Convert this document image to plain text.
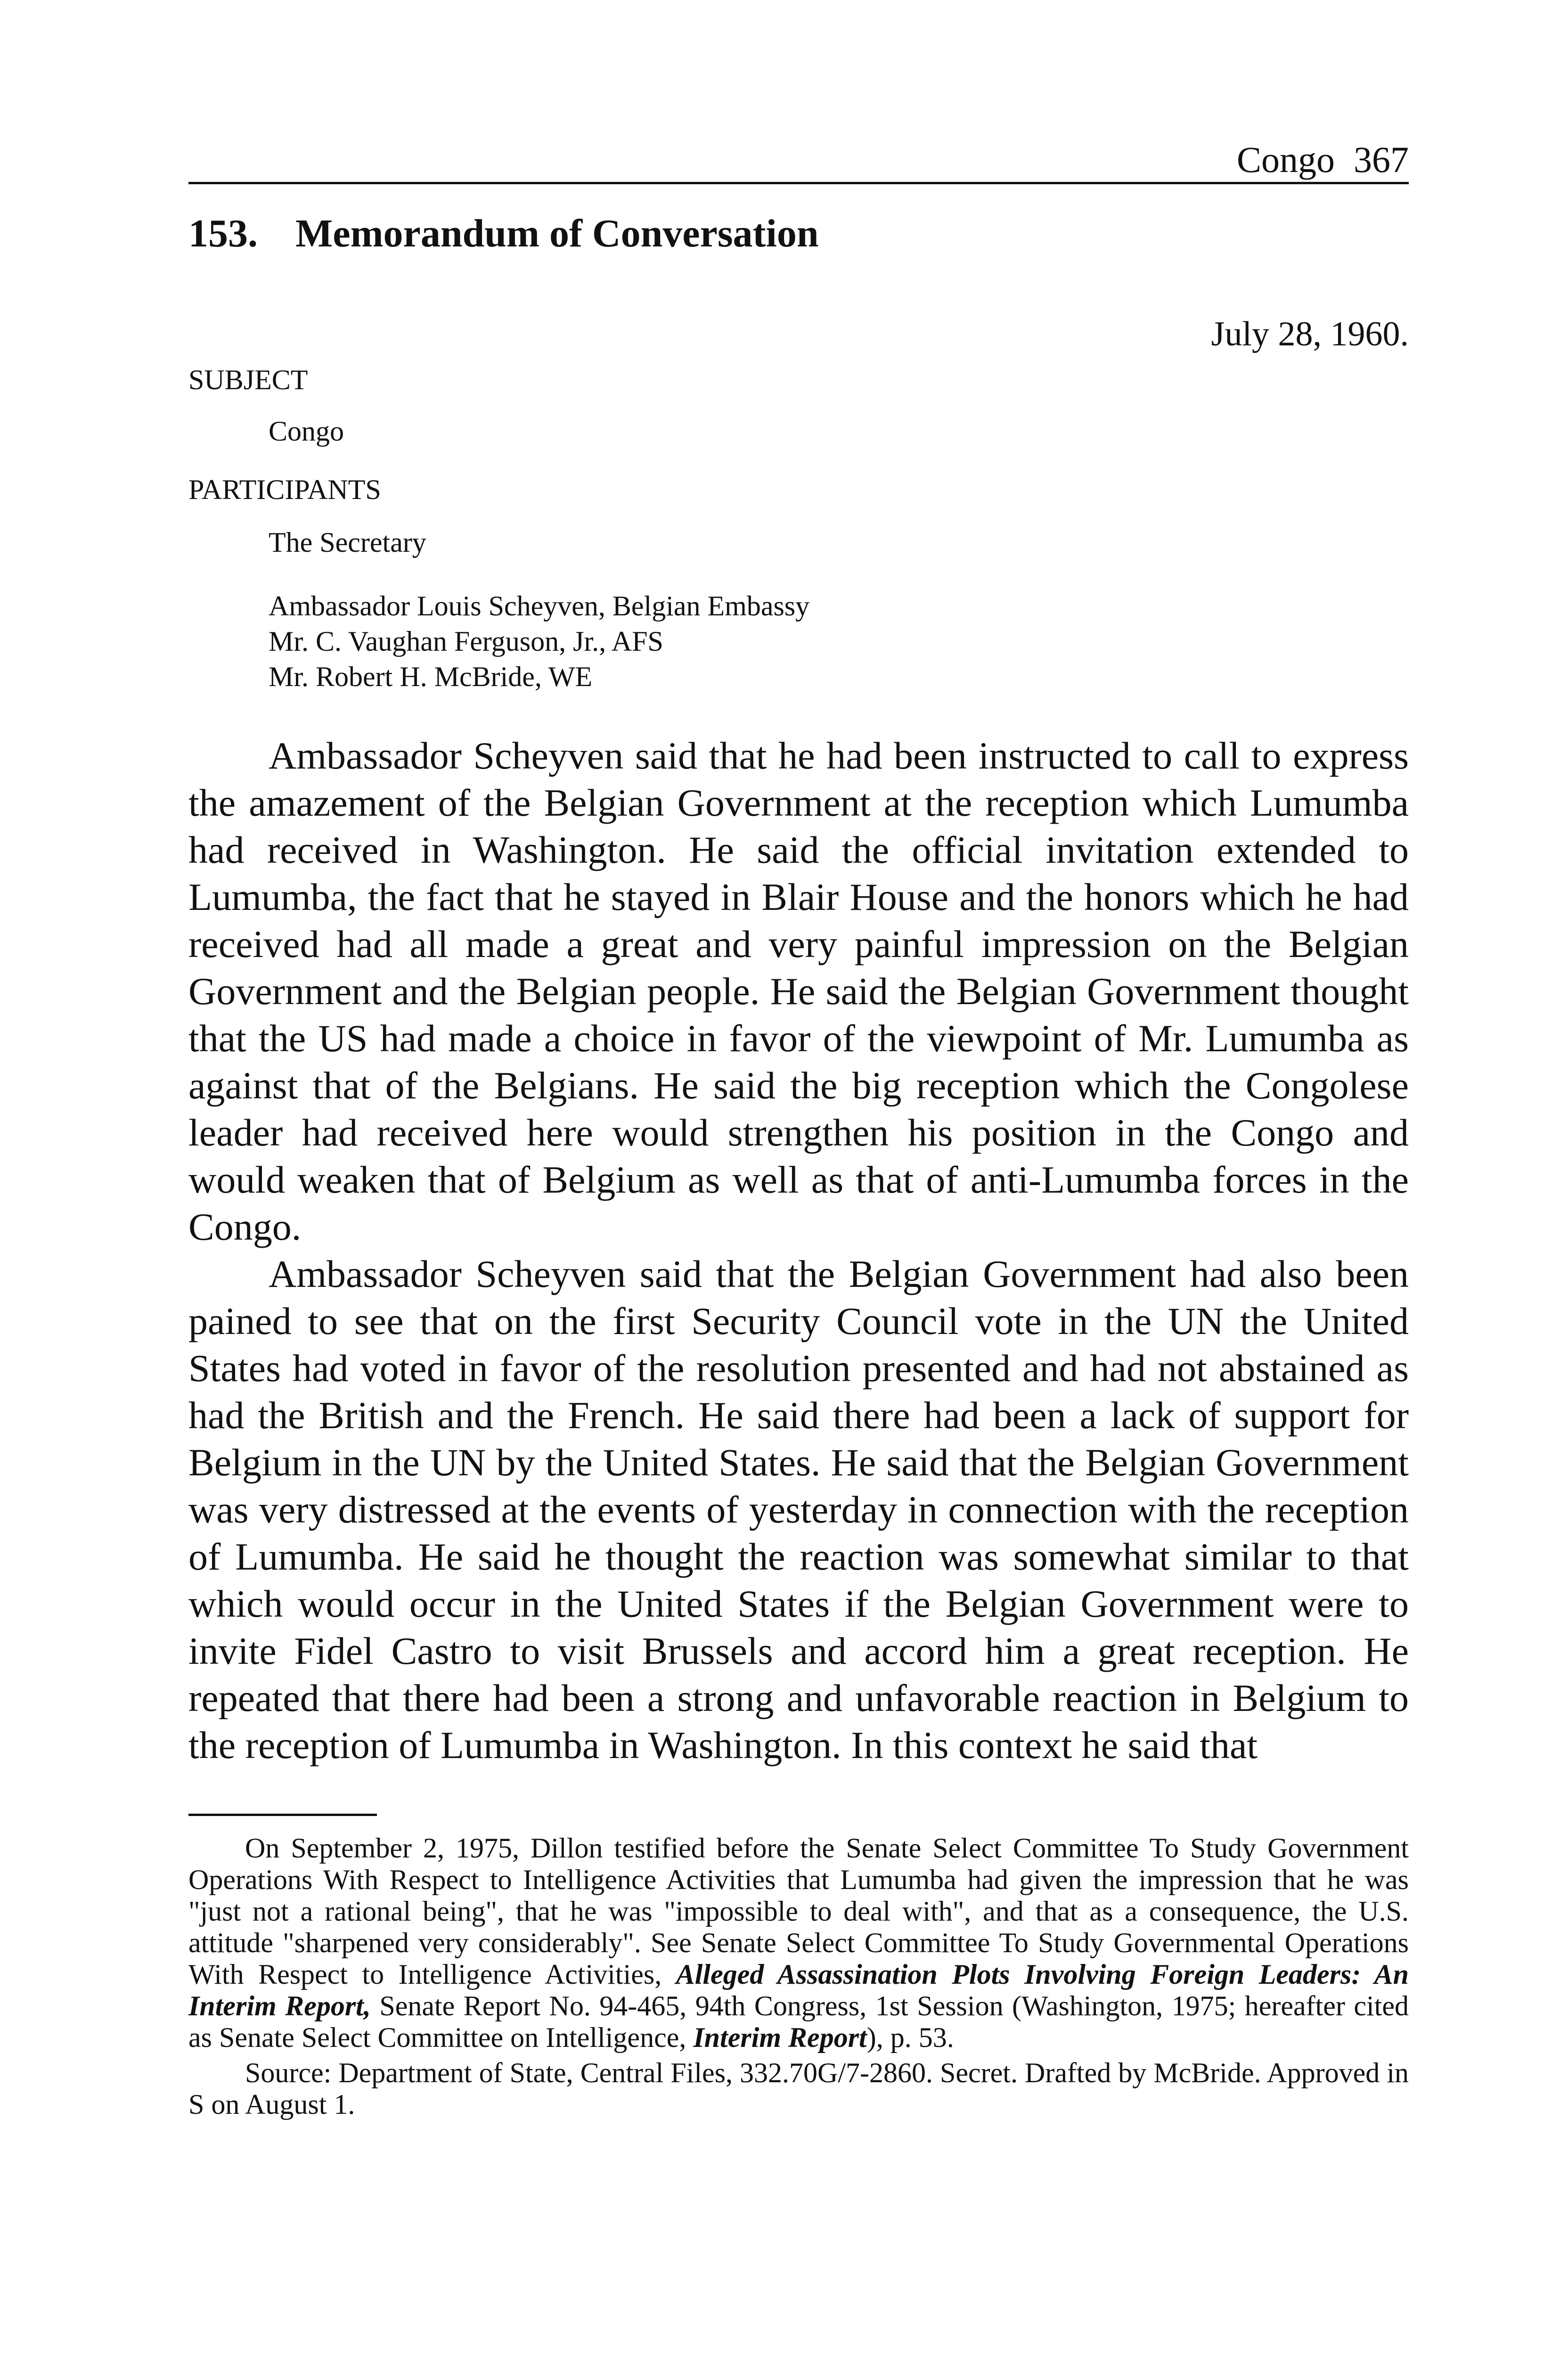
Congo 367
153. Memorandum of Conversation
July 28, 1960.
SUBJECT
Congo
PARTICIPANTS
The Secretary
Ambassador Louis Scheyven, Belgian Embassy
Mr. C. Vaughan Ferguson, Jr., AFS
Mr. Robert H. McBride, WE

Ambassador Scheyven said that he had been instructed to call to express the amazement of the Belgian Government at the reception which Lumumba had received in Washington. He said the official invitation extended to Lumumba, the fact that he stayed in Blair House and the honors which he had received had all made a great and very painful impression on the Belgian Government and the Belgian people. He said the Belgian Government thought that the US had made a choice in favor of the viewpoint of Mr. Lumumba as against that of the Belgians. He said the big reception which the Congolese leader had received here would strengthen his position in the Congo and would weaken that of Belgium as well as that of anti-Lumumba forces in the Congo.

Ambassador Scheyven said that the Belgian Government had also been pained to see that on the first Security Council vote in the UN the United States had voted in favor of the resolution presented and had not abstained as had the British and the French. He said there had been a lack of support for Belgium in the UN by the United States. He said that the Belgian Government was very distressed at the events of yesterday in connection with the reception of Lumumba. He said he thought the reaction was somewhat similar to that which would occur in the United States if the Belgian Government were to invite Fidel Castro to visit Brussels and accord him a great reception. He repeated that there had been a strong and unfavorable reaction in Belgium to the reception of Lumumba in Washington. In this context he said that

On September 2, 1975, Dillon testified before the Senate Select Committee To Study Government Operations With Respect to Intelligence Activities that Lumumba had given the impression that he was "just not a rational being", that he was "impossible to deal with", and that as a consequence, the U.S. attitude "sharpened very considerably". See Senate Select Committee To Study Governmental Operations With Respect to Intelligence Activities, Alleged Assassination Plots Involving Foreign Leaders: An Interim Report, Senate Report No. 94-465, 94th Congress, 1st Session (Washington, 1975; hereafter cited as Senate Select Committee on Intelligence, Interim Report), p. 53.

Source: Department of State, Central Files, 332.70G/7-2860. Secret. Drafted by McBride. Approved in S on August 1.
